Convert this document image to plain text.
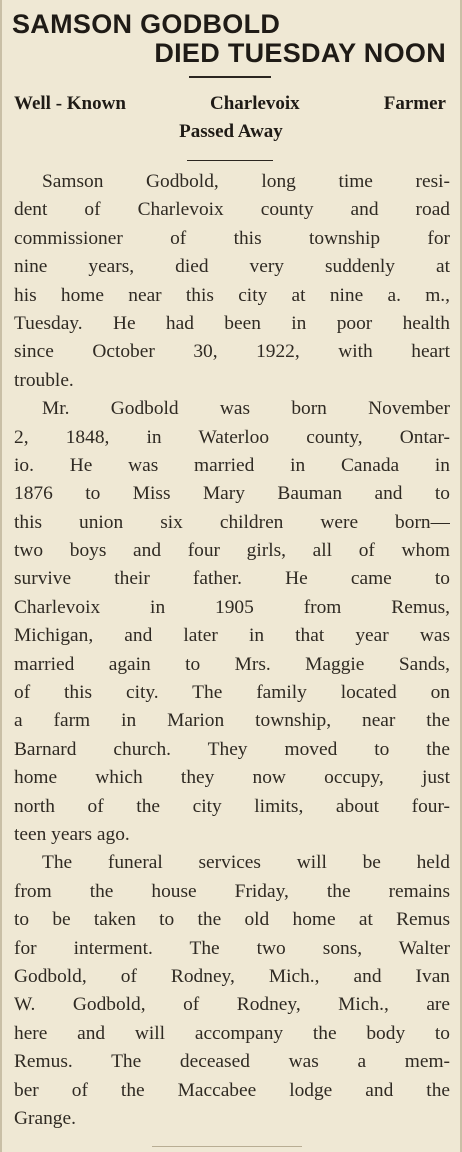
SAMSON GODBOLD
DIED TUESDAY NOON
Well - Known	Charlevoix	Farmer
Passed Away
Samson Godbold, long time resi-
dent of Charlevoix county and road
commissioner of this township for
nine years, died very suddenly at
his home near this city at nine a. m.,
Tuesday. He had been in poor health
since October 30, 1922, with heart
trouble.
Mr. Godbold was born November
2, 1848, in Waterloo county, Ontar-
io. He was married in Canada in
1876 to Miss Mary Bauman and to
this union six children were born—
two boys and four girls, all of whom
survive their father. He came to
Charlevoix in 1905 from Remus,
Michigan, and later in that year was
married again to Mrs. Maggie Sands,
of this city. The family located on
a farm in Marion township, near the
Barnard church. They moved to the
home which they now occupy, just
north of the city limits, about four-
teen years ago.
The funeral services will be held
from the house Friday, the remains
to be taken to the old home at Remus
for interment. The two sons, Walter
Godbold, of Rodney, Mich., and Ivan
W. Godbold, of Rodney, Mich., are
here and will accompany the body to
Remus. The deceased was a mem-
ber of the Maccabee lodge and the
Grange.
